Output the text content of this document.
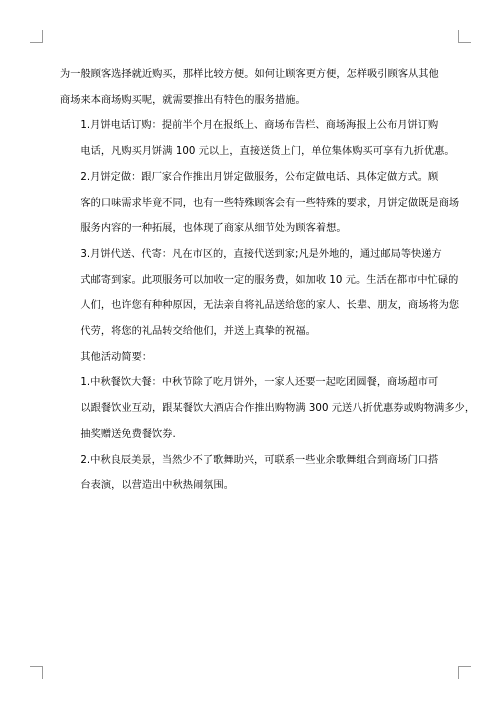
为一般顾客选择就近购买，那样比较方便。如何让顾客更方便，怎样吸引顾客从其他
商场来本商场购买呢，就需要推出有特色的服务措施。

1.月饼电话订购：提前半个月在报纸上、商场布告栏、商场海报上公布月饼订购
电话，凡购买月饼满 100 元以上，直接送货上门，单位集体购买可享有九折优惠。

2.月饼定做：跟厂家合作推出月饼定做服务，公布定做电话、具体定做方式。顾
客的口味需求毕竟不同，也有一些特殊顾客会有一些特殊的要求，月饼定做既是商场
服务内容的一种拓展，也体现了商家从细节处为顾客着想。

3.月饼代送、代寄：凡在市区的，直接代送到家;凡是外地的，通过邮局等快递方
式邮寄到家。此项服务可以加收一定的服务费，如加收 10 元。生活在都市中忙碌的
人们，也许您有种种原因，无法亲自将礼品送给您的家人、长辈、朋友，商场将为您
代劳，将您的礼品转交给他们，并送上真挚的祝福。

其他活动简要：

1.中秋餐饮大餐：中秋节除了吃月饼外，一家人还要一起吃团圆餐，商场超市可
以跟餐饮业互动，跟某餐饮大酒店合作推出购物满 300 元送八折优惠券或购物满多少，
抽奖赠送免费餐饮券.

2.中秋良辰美景，当然少不了歌舞助兴，可联系一些业余歌舞组合到商场门口搭
台表演，以营造出中秋热闹氛围。
